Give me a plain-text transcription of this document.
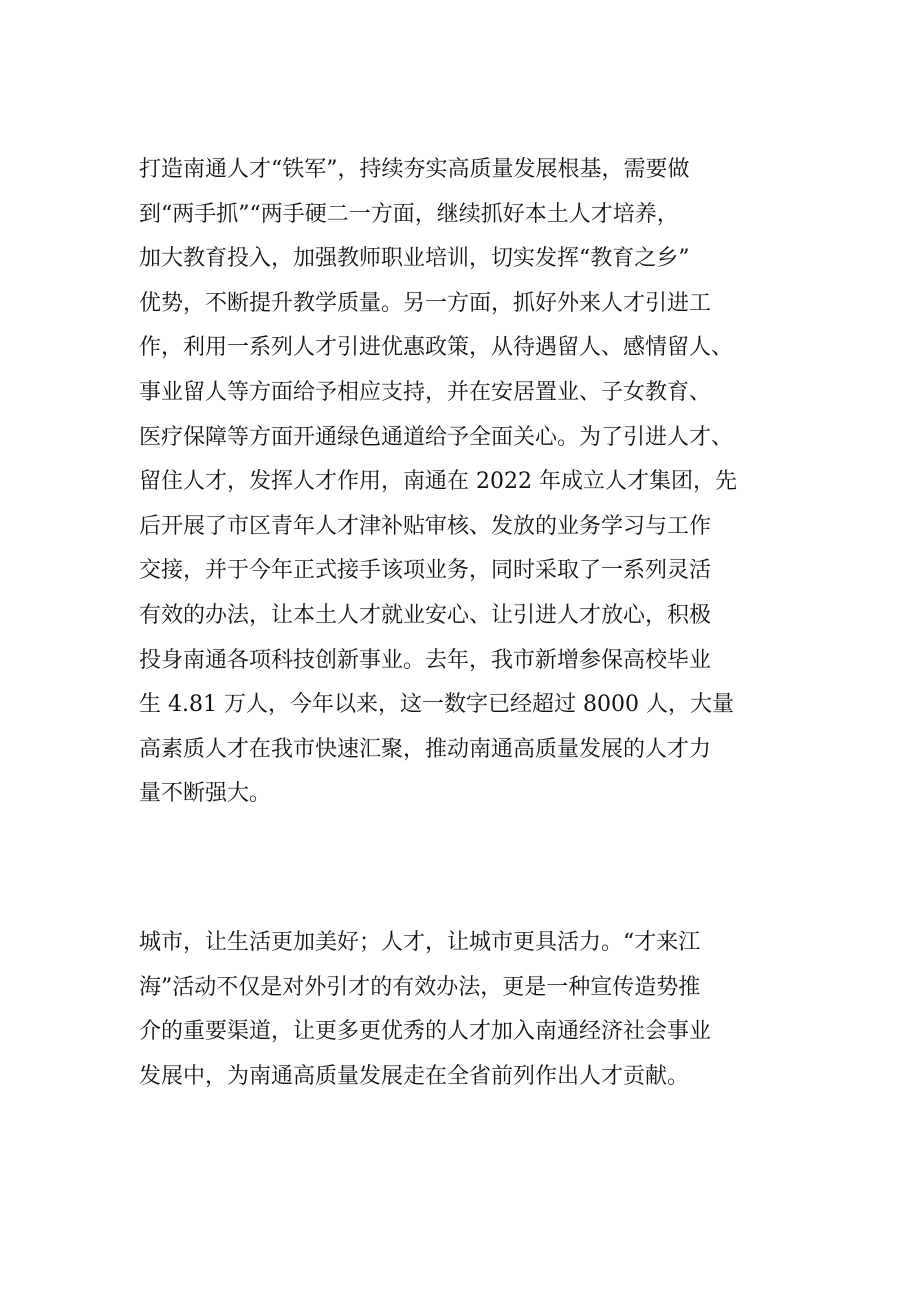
打造南通人才“铁军”，持续夯实高质量发展根基，需要做
到“两手抓”“两手硬二一方面，继续抓好本土人才培养，
加大教育投入，加强教师职业培训，切实发挥“教育之乡”
优势，不断提升教学质量。另一方面，抓好外来人才引进工
作，利用一系列人才引进优惠政策，从待遇留人、感情留人、
事业留人等方面给予相应支持，并在安居置业、子女教育、
医疗保障等方面开通绿色通道给予全面关心。为了引进人才、
留住人才，发挥人才作用，南通在 2022 年成立人才集团，先
后开展了市区青年人才津补贴审核、发放的业务学习与工作
交接，并于今年正式接手该项业务，同时采取了一系列灵活
有效的办法，让本土人才就业安心、让引进人才放心，积极
投身南通各项科技创新事业。去年，我市新增参保高校毕业
生 4.81 万人，今年以来，这一数字已经超过 8000 人，大量
高素质人才在我市快速汇聚，推动南通高质量发展的人才力
量不断强大。

城市，让生活更加美好；人才，让城市更具活力。“才来江
海”活动不仅是对外引才的有效办法，更是一种宣传造势推
介的重要渠道，让更多更优秀的人才加入南通经济社会事业
发展中，为南通高质量发展走在全省前列作出人才贡献。
